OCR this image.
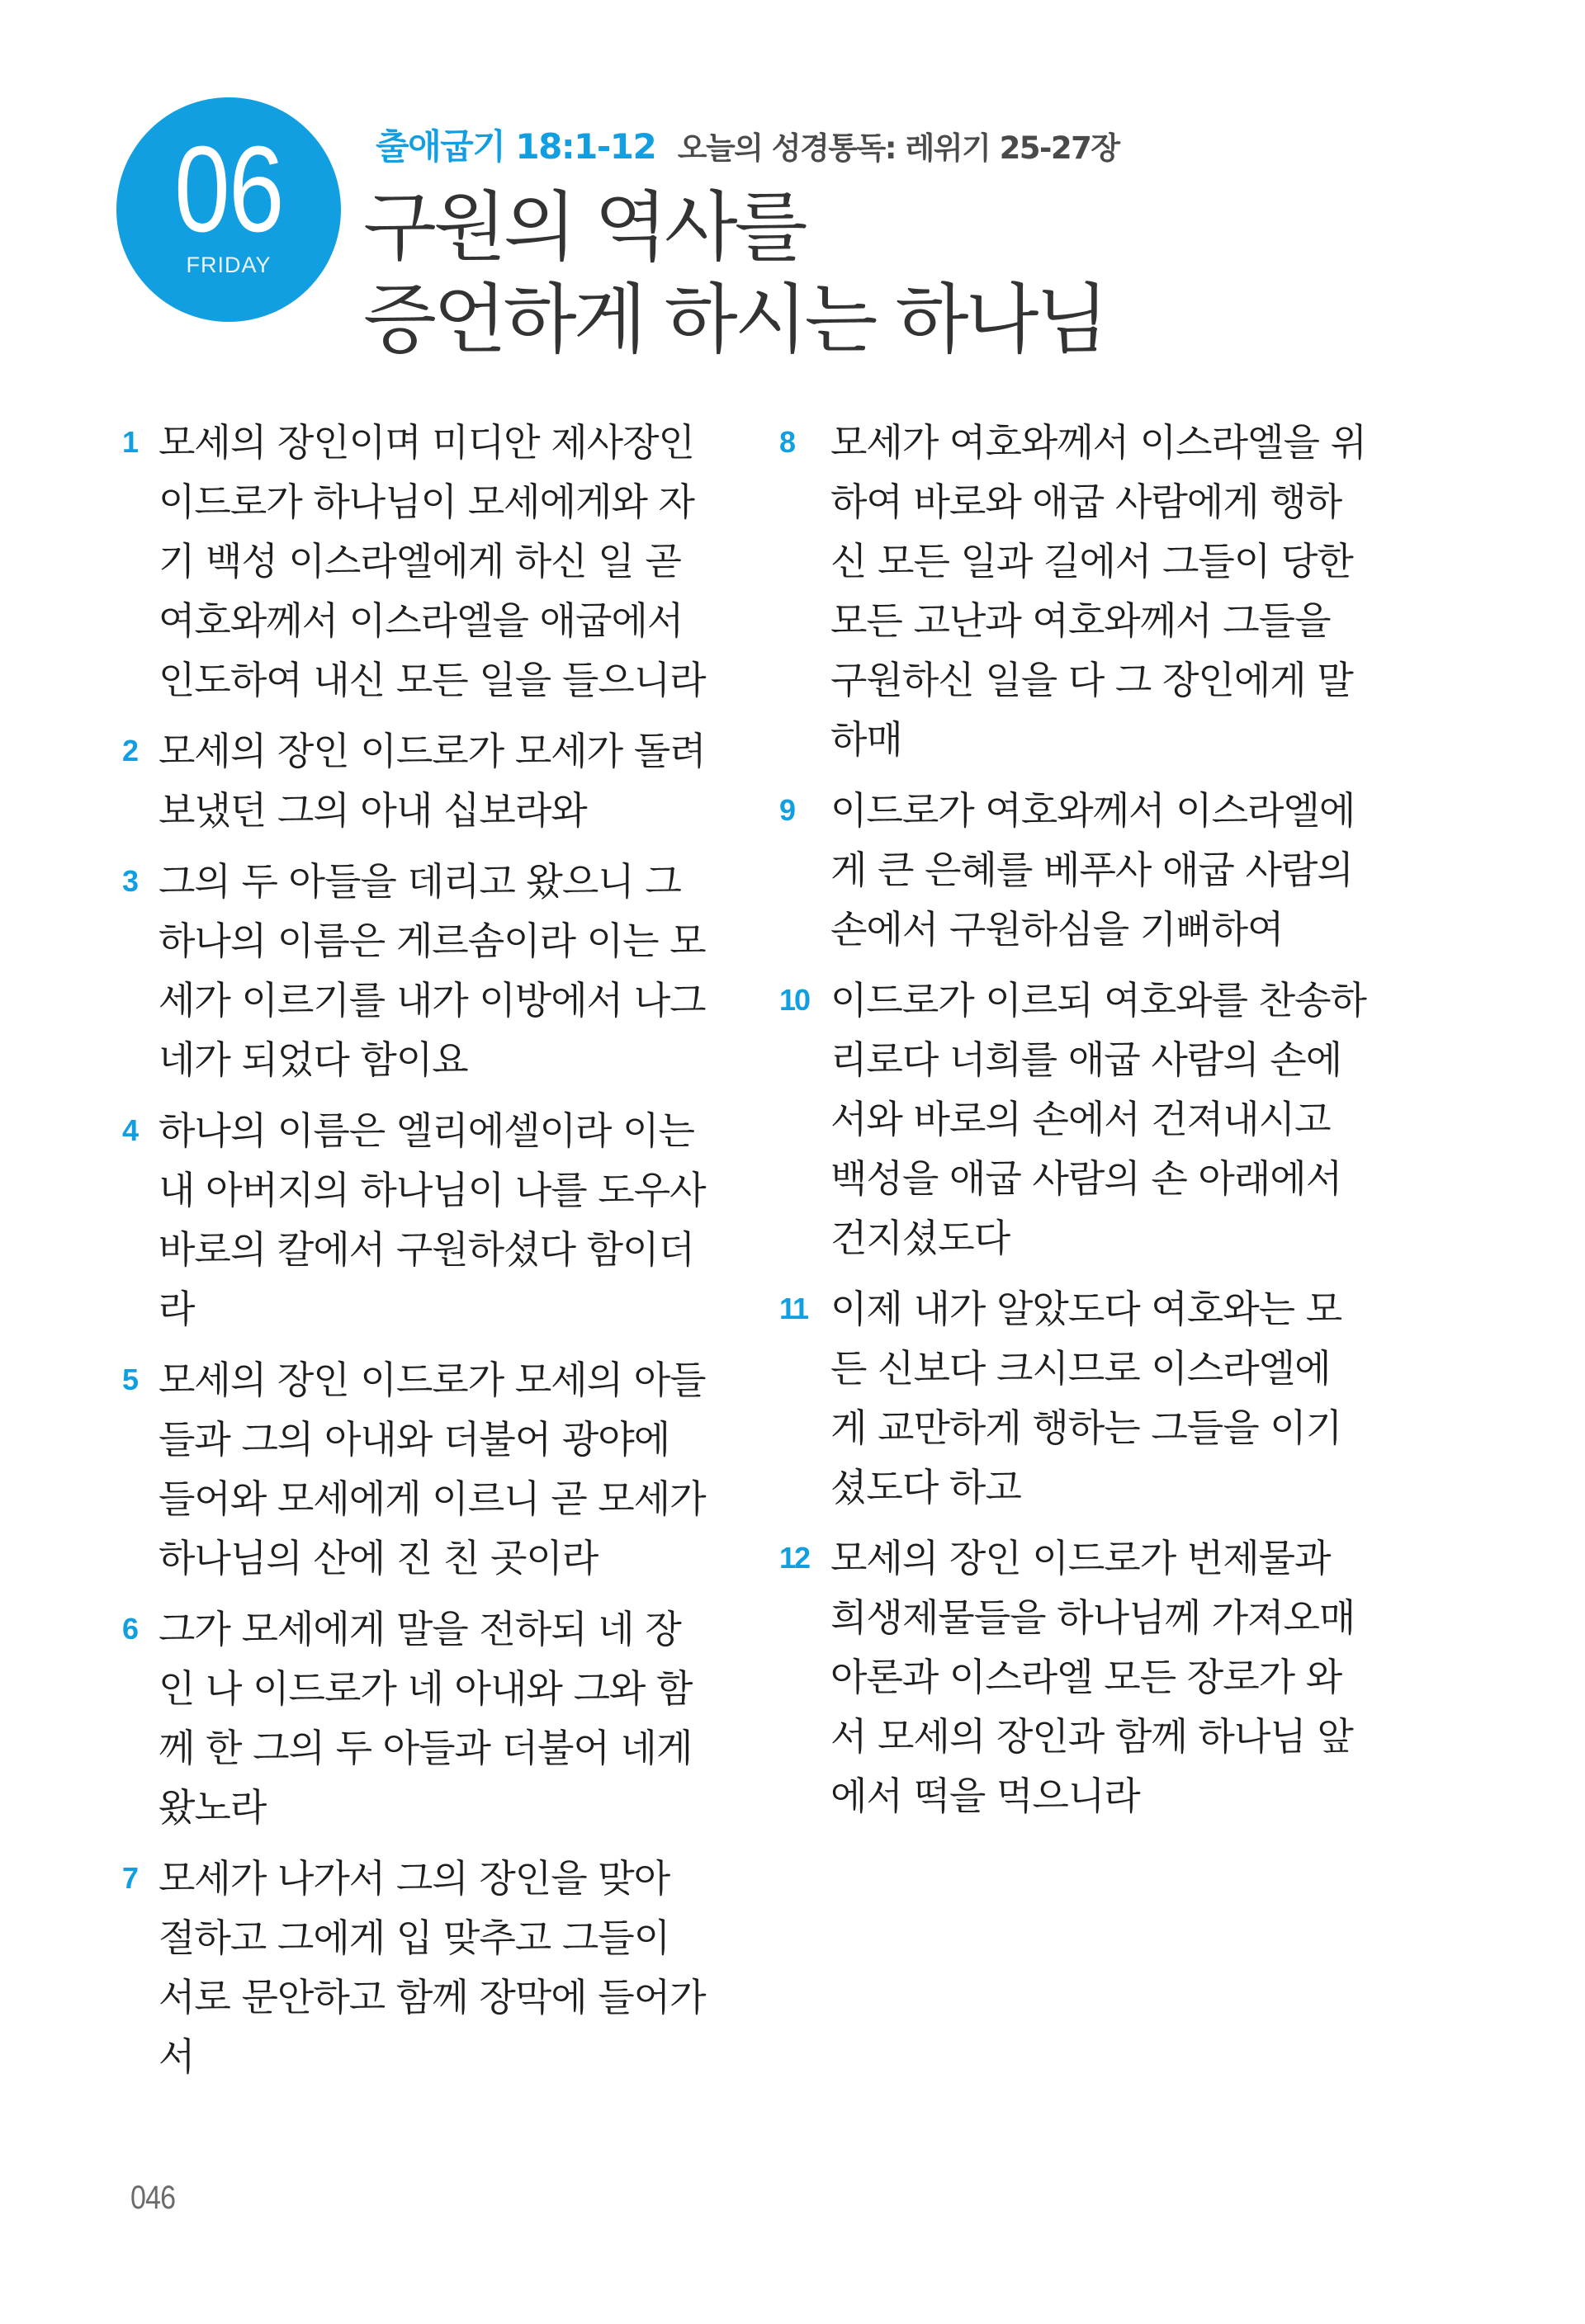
06
FRIDAY
출애굽기 18:1-12 오늘의 성경통독: 레위기 25-27장
구원의 역사를
증언하게 하시는 하나님
1 모세의 장인이며 미디안 제사장인
이드로가 하나님이 모세에게와 자
기 백성 이스라엘에게 하신 일 곧
여호와께서 이스라엘을 애굽에서
인도하여 내신 모든 일을 들으니라
2 모세의 장인 이드로가 모세가 돌려
보냈던 그의 아내 십보라와
3 그의 두 아들을 데리고 왔으니 그
하나의 이름은 게르솜이라 이는 모
세가 이르기를 내가 이방에서 나그
네가 되었다 함이요
4 하나의 이름은 엘리에셀이라 이는
내 아버지의 하나님이 나를 도우사
바로의 칼에서 구원하셨다 함이더
라
5 모세의 장인 이드로가 모세의 아들
들과 그의 아내와 더불어 광야에
들어와 모세에게 이르니 곧 모세가
하나님의 산에 진 친 곳이라
6 그가 모세에게 말을 전하되 네 장
인 나 이드로가 네 아내와 그와 함
께 한 그의 두 아들과 더불어 네게
왔노라
7 모세가 나가서 그의 장인을 맞아
절하고 그에게 입 맞추고 그들이
서로 문안하고 함께 장막에 들어가
서
8 모세가 여호와께서 이스라엘을 위
하여 바로와 애굽 사람에게 행하
신 모든 일과 길에서 그들이 당한
모든 고난과 여호와께서 그들을
구원하신 일을 다 그 장인에게 말
하매
9 이드로가 여호와께서 이스라엘에
게 큰 은혜를 베푸사 애굽 사람의
손에서 구원하심을 기뻐하여
10 이드로가 이르되 여호와를 찬송하
리로다 너희를 애굽 사람의 손에
서와 바로의 손에서 건져내시고
백성을 애굽 사람의 손 아래에서
건지셨도다
11 이제 내가 알았도다 여호와는 모
든 신보다 크시므로 이스라엘에
게 교만하게 행하는 그들을 이기
셨도다 하고
12 모세의 장인 이드로가 번제물과
희생제물들을 하나님께 가져오매
아론과 이스라엘 모든 장로가 와
서 모세의 장인과 함께 하나님 앞
에서 떡을 먹으니라
046
